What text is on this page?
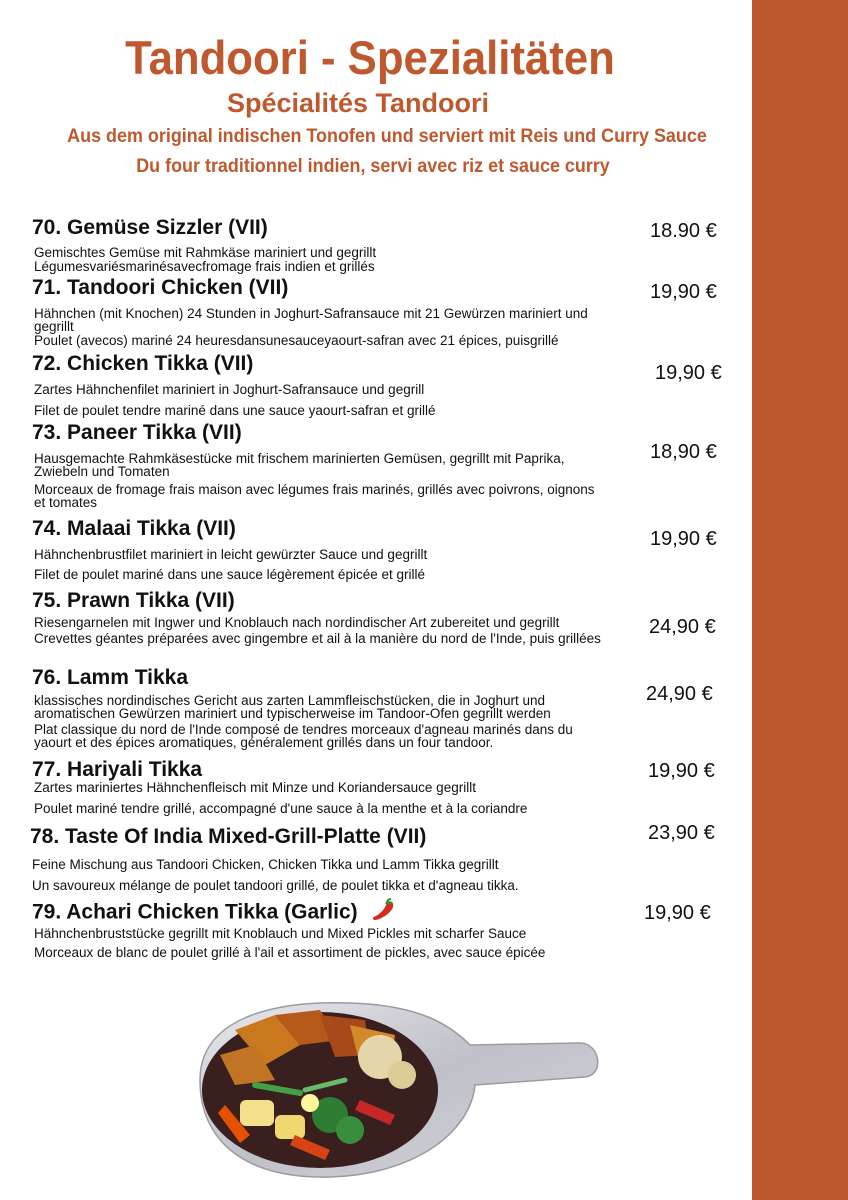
Tandoori - Spezialitäten
Spécialités Tandoori
Aus dem original indischen Tonofen und serviert mit Reis und Curry Sauce
Du four traditionnel indien, servi avec riz et sauce curry
70. Gemüse Sizzler (VII)
Gemischtes Gemüse mit Rahmkäse mariniert und gegrillt
Légumesvariésmarinésavecfromage frais indien et grillés
18.90 €
71. Tandoori Chicken (VII)
Hähnchen (mit Knochen) 24 Stunden in Joghurt-Safransauce mit 21 Gewürzen mariniert und gegrillt
Poulet (avecos) mariné 24 heuresdansunesauceyaourt-safran avec 21 épices, puisgrillé
19,90 €
72. Chicken Tikka (VII)
Zartes Hähnchenfilet mariniert in Joghurt-Safransauce und gegrill
Filet de poulet tendre mariné dans une sauce yaourt-safran et grillé
19,90 €
73. Paneer Tikka (VII)
Hausgemachte Rahmkäsestücke mit frischem marinierten Gemüsen, gegrillt mit Paprika, Zwiebeln und Tomaten
Morceaux de fromage frais maison avec légumes frais marinés, grillés avec poivrons, oignons et tomates
18,90 €
74. Malaai Tikka (VII)
Hähnchenbrustfilet mariniert in leicht gewürzter Sauce und gegrillt
Filet de poulet mariné dans une sauce légèrement épicée et grillé
19,90 €
75. Prawn Tikka (VII)
Riesengarnelen mit Ingwer und Knoblauch nach nordindischer Art zubereitet und gegrillt
Crevettes géantes préparées avec gingembre et ail à la manière du nord de l'Inde, puis grillées
24,90 €
76. Lamm Tikka
klassisches nordindisches Gericht aus zarten Lammfleischstücken, die in Joghurt und aromatischen Gewürzen mariniert und typischerweise im Tandoor-Ofen gegrillt werden
Plat classique du nord de l'Inde composé de tendres morceaux d'agneau marinés dans du yaourt et des épices aromatiques, généralement grillés dans un four tandoor.
24,90 €
77. Hariyali Tikka
Zartes mariniertes Hähnchenfleisch mit Minze und Koriandersauce gegrillt
Poulet mariné tendre grillé, accompagné d'une sauce à la menthe et à la coriandre
19,90 €
78. Taste Of India Mixed-Grill-Platte (VII)
Feine Mischung aus Tandoori Chicken, Chicken Tikka und Lamm Tikka gegrillt
Un savoureux mélange de poulet tandoori grillé, de poulet tikka et d'agneau tikka.
23,90 €
79. Achari Chicken Tikka (Garlic)
Hähnchenbruststücke gegrillt mit Knoblauch und Mixed Pickles mit scharfer Sauce
Morceaux de blanc de poulet grillé à l'ail et assortiment de pickles, avec sauce épicée
19,90 €
